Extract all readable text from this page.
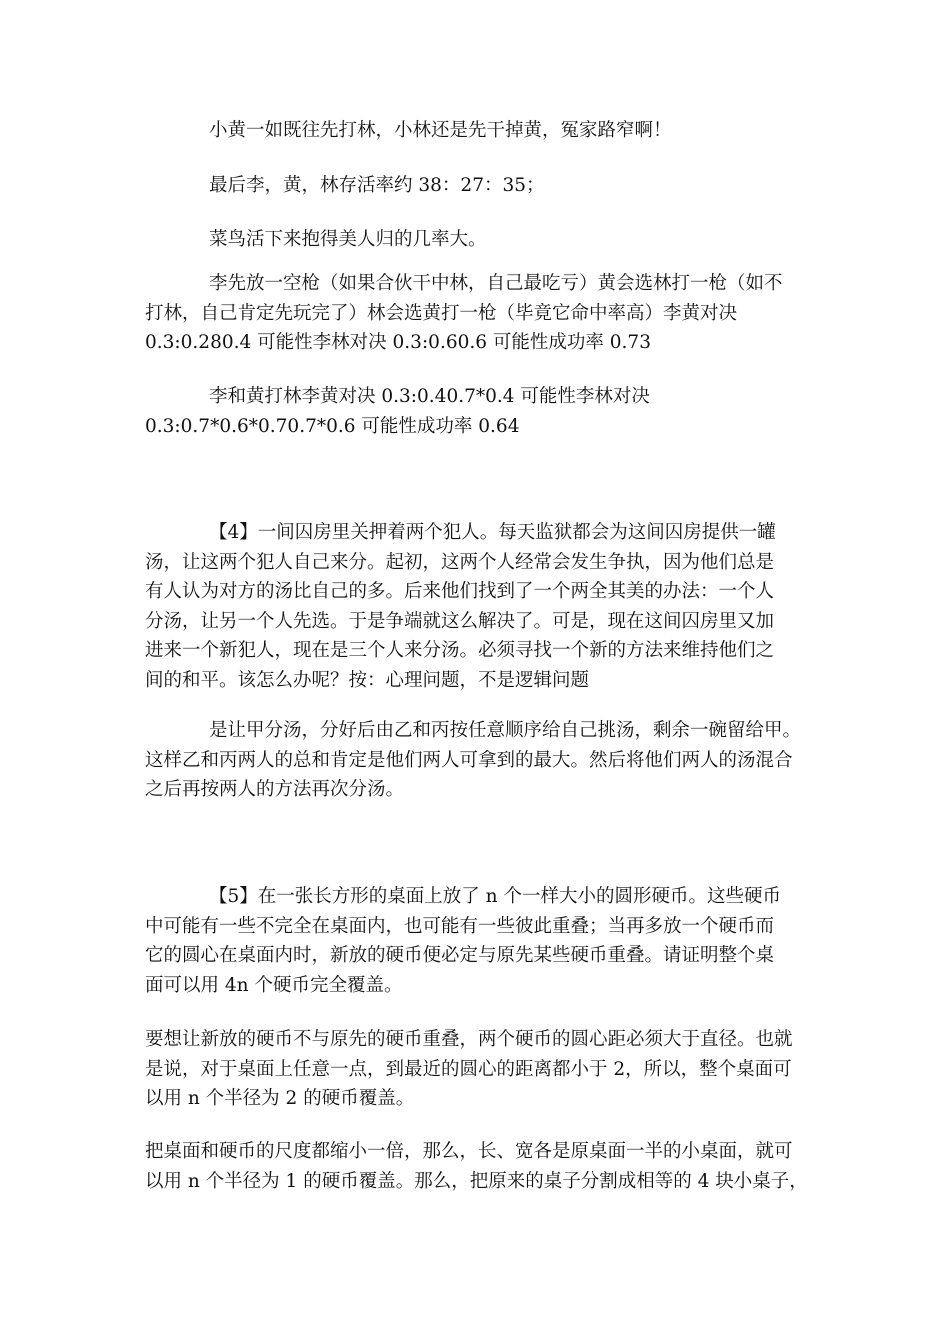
小黄一如既往先打林，小林还是先干掉黄，冤家路窄啊！

最后李，黄，林存活率约 38：27：35；

菜鸟活下来抱得美人归的几率大。

李先放一空枪（如果合伙干中林，自己最吃亏）黄会选林打一枪（如不
打林，自己肯定先玩完了）林会选黄打一枪（毕竟它命中率高）李黄对决
0.3:0.280.4 可能性李林对决 0.3:0.60.6 可能性成功率 0.73

李和黄打林李黄对决 0.3:0.40.7*0.4 可能性李林对决
0.3:0.7*0.6*0.70.7*0.6 可能性成功率 0.64

【4】一间囚房里关押着两个犯人。每天监狱都会为这间囚房提供一罐
汤，让这两个犯人自己来分。起初，这两个人经常会发生争执，因为他们总是
有人认为对方的汤比自己的多。后来他们找到了一个两全其美的办法：一个人
分汤，让另一个人先选。于是争端就这么解决了。可是，现在这间囚房里又加
进来一个新犯人，现在是三个人来分汤。必须寻找一个新的方法来维持他们之
间的和平。该怎么办呢？按：心理问题，不是逻辑问题

是让甲分汤，分好后由乙和丙按任意顺序给自己挑汤，剩余一碗留给甲。
这样乙和丙两人的总和肯定是他们两人可拿到的最大。然后将他们两人的汤混合
之后再按两人的方法再次分汤。

【5】在一张长方形的桌面上放了 n 个一样大小的圆形硬币。这些硬币
中可能有一些不完全在桌面内，也可能有一些彼此重叠；当再多放一个硬币而
它的圆心在桌面内时，新放的硬币便必定与原先某些硬币重叠。请证明整个桌
面可以用 4n 个硬币完全覆盖。

要想让新放的硬币不与原先的硬币重叠，两个硬币的圆心距必须大于直径。也就
是说，对于桌面上任意一点，到最近的圆心的距离都小于 2，所以，整个桌面可
以用 n 个半径为 2 的硬币覆盖。

把桌面和硬币的尺度都缩小一倍，那么，长、宽各是原桌面一半的小桌面，就可
以用 n 个半径为 1 的硬币覆盖。那么，把原来的桌子分割成相等的 4 块小桌子，
